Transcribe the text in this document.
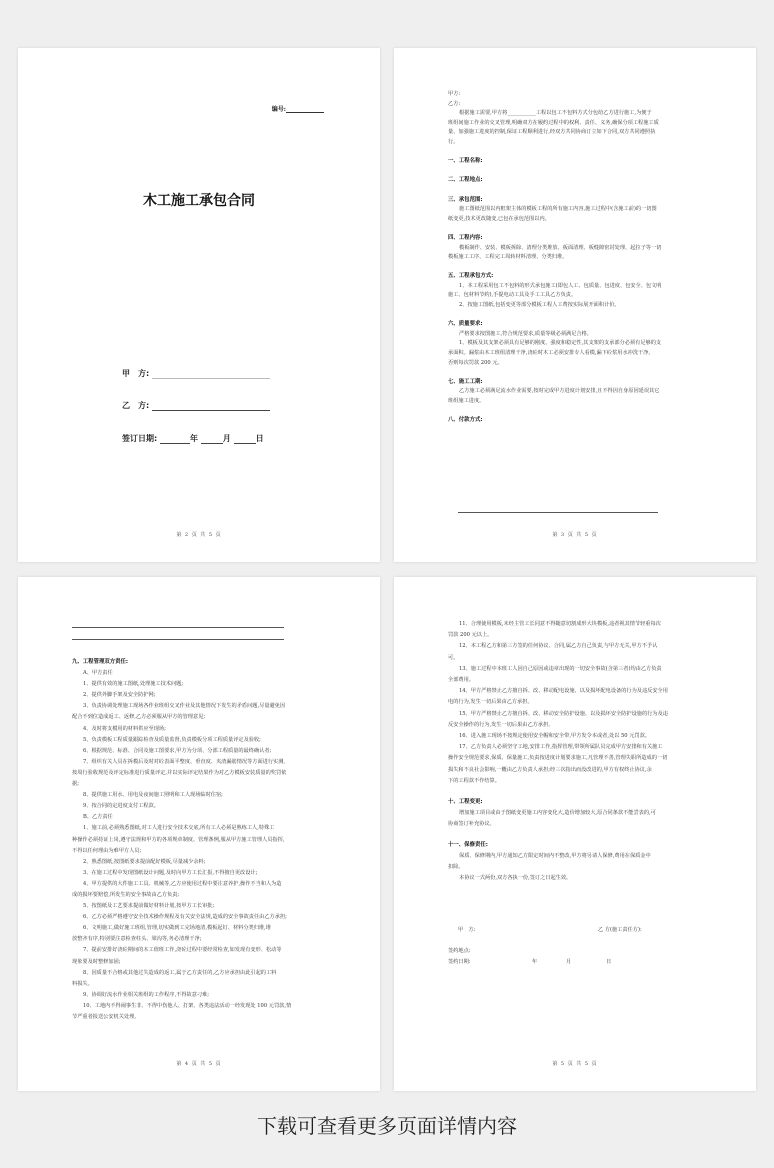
编号:
木工施工承包合同
甲　方:
乙　方:
签订日期:	年	月	日
第 2 页 共 5 页

甲方:

乙方:

根据施工需要,甲方将___________工程以包工不包料方式分包给乙方进行施工,为便于

班组间施工作业的交叉管理,明确双方在履约过程中的权利、责任、义务,确保分项工程施工质

量、加强施工进度的控制,保证工程顺利进行,经双方共同协商订立如下合同,双方共同遵照执

行。

一、工程名称:

二、工程地点:

三、承包范围:

施工图纸范围以内框架主体的模板工程的所有施工内容,施工过程中(含施工前)的一切图

纸变更,技术更改随变,已包在承包范围以内。

四、工程内容:

模板制作、安装、模板拆除、清理分类堆放、板面清理、板缝隙密封处理、起拉子等一切

模板施工工序、工程完工周转材料清理、分类归堆。

五、工程承包方式:

1、本工程采用包工不包料的形式承包施工(即包人工、包质量、包进度、包安全、包文明

施工、包材料节约),手提电动工具及手工工具乙方负责。

2、按施工图纸,包括变更等部分模板工程人工费按实际展开面积计价。

六、质量要求:

严格要求按图施工,符合规范要求,质量等级必须满足合格。

1、模板及其支架必须具有足够的刚度、强度和稳定性,其支架的支承部分必须有足够的支

承面积。漏浆由木工班组清理干净,浇砼时木工必须安排专人看模,漏下砼浆用水冲洗干净,

否则每次罚款 200 元。

七、施工工期:

乙方施工必须满足流水作业需要,按时完成甲方进度计划安排,且不得因自身原因延误其它

班组施工进度。

八、付款方式:

第 3 页 共 5 页

九、工程管理双方责任:

A、甲方责任

1、提供有效的施工图纸,处理施工技术问题;

2、提供外脚手架及安全防护网;

3、负责协调处理施工现场各作业班组交叉作业及其他情况下发生的矛盾问题,尽量避免因

配合不到位造成返工、返修,乙方必须服从甲方的管理意见;

4、及时将支模用的材料供应至现场;

5、负责模板工程质量跟踪检查及质量监督,负责模板分项工程质量评定及验收;

6、根据规范、标准、合同及施工图要求,甲方为分项、分部工程质量的最终确认者;

7、组织有关人员在拆模后及时对砼表面平整度、垂直度、夹渣漏筋情况等方面进行实测,

按周行验收规范及评定标准进行质量评定,并以实际评定结果作为对乙方模板安装质量的奖罚依

据;

8、提供施工用水、用电及夜间施工照明和工人现场临时住宿;

9、按合同的定进度支付工程款。

B、乙方责任

1、施工前,必须熟悉图纸,对工人进行安全技术交底,所有工人必须是熟练工人,特殊工

种操作必须持证上岗,遵守法规和甲方的各项规章制度、管理条例,服从甲方施工管理人员指挥,

不得以任何理由为难甲方人员;

2、熟悉图纸,按图纸要求提前配好模板,尽量减少余料;

3、在施工过程中发现图纸设计问题,及时向甲方工长汇报,不得擅自更改设计;

4、甲方提供的大件施工工具、机械等,乙方应使用过程中要注意养护,操作不当和人为造

成的损坏要赔偿,所发生的安全事故由乙方负责;

5、按图纸及工艺要求提前做好材料计划,按甲方工长审批;

6、乙方必须严格遵守安全技术操作规程及有关安全法规,造成的安全事故责任由乙方承担;

6、文明施工,做好施工班组,管理,切实做到工完场地清,模板起钉、材料分类归堆,堆

放整齐有序,特别要注意检查柱头、梁沟等,务必清理干净;

7、提前安排好浇砼期间的木工值班工作,浇砼过程中要经常检查,如发现有变形、松动等

现象要及时整修加固;

8、因质量不合格或其他过失造成的返工,属于乙方责任的,乙方应承担由此引起的工料

料损失。

9、协调好流水作业相关班组的工作程序,不得故意刁难;

10、工地内不得闹事生非、不得中伤他人、打架、各类违法活动一经发现处 100 元罚款,情

节严重者报送公安机关处理。

第 4 页 共 5 页

11、合理使用模板,未经主管工长同意不得随意切割成形大块模板,违者视其情节轻重每次

罚款 200 元以上。

12、本工程乙方和第三方签的任何协议、合同,属乙方自己负责,与甲方无关,甲方不予认

可。

13、施工过程中本班工人因自己原因或违章出现的一切安全事故(含第三者)均由乙方负责

全部费用。

14、甲方严格禁止乙方擅自拆、改、移动配电设施、以及损坏配电设备的行为及违反安全用

电的行为,发生一切后果由乙方承担。

15、甲方严格禁止乙方擅自拆、改、移动安全防护设施、以及损坏安全防护设施的行为及违

反安全操作的行为,发生一切后果由乙方承担。

16、进入施工现场不按规定使用安全帽和安全带,甲方发令本或者,处以 50 元罚款。

17、乙方负责人必须坚守工地,安排工作,指挥管理,带领所属队员完成甲方安排和有关施工

操作安全规范要求,保质、保量施工,负责按进度计划要求施工,凡管理不善,管理失职所造成的一切

损失和不良社会影响,一概由乙方负责人承担;经三次指出而没改进的,甲方有权终止协议,余

下的工程款不作结算。

十、工程变更:

增加施工项目或由于图纸变更施工内容变化大,造价增加较大,原合同条款不能尝表的,可

协商签订补充协议。

十一、保修责任:

保质、保修期内,甲方通知乙方限定时间内不整改,甲方将另请人保修,费用在保质金中

扣除。

本协议一式两份,双方各执一份,签订之日起生效。

甲　方:	乙 方(施工责任方):
签约地点:
签约日期:	年	月	日
第 5 页 共 5 页
下载可查看更多页面详情内容
